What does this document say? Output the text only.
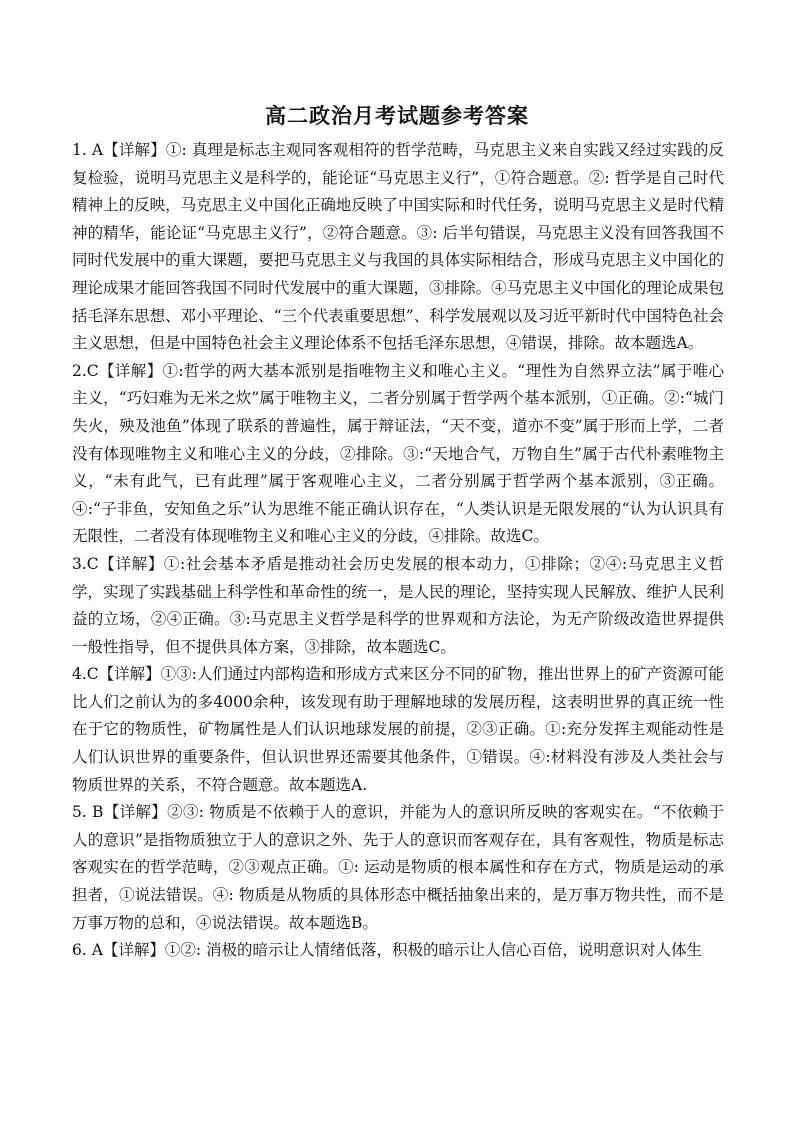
高二政治月考试题参考答案

1. A【详解】①: 真理是标志主观同客观相符的哲学范畴，马克思主义来自实践又经过实践的反复检验，说明马克思主义是科学的，能论证“马克思主义行”，①符合题意。②: 哲学是自己时代精神上的反映，马克思主义中国化正确地反映了中国实际和时代任务，说明马克思主义是时代精神的精华，能论证“马克思主义行”，②符合题意。③: 后半句错误，马克思主义没有回答我国不同时代发展中的重大课题，要把马克思主义与我国的具体实际相结合，形成马克思主义中国化的理论成果才能回答我国不同时代发展中的重大课题，③排除。④马克思主义中国化的理论成果包括毛泽东思想、邓小平理论、“三个代表重要思想”、科学发展观以及习近平新时代中国特色社会主义思想，但是中国特色社会主义理论体系不包括毛泽东思想，④错误，排除。故本题选A。

2.C【详解】①:哲学的两大基本派别是指唯物主义和唯心主义。“理性为自然界立法”属于唯心主义，“巧妇难为无米之炊”属于唯物主义，二者分别属于哲学两个基本派别，①正确。②:“城门失火，殃及池鱼”体现了联系的普遍性，属于辩证法，“天不变，道亦不变”属于形而上学，二者没有体现唯物主义和唯心主义的分歧，②排除。③:“天地合气，万物自生”属于古代朴素唯物主义，“未有此气，已有此理”属于客观唯心主义，二者分别属于哲学两个基本派别，③正确。④:“子非鱼，安知鱼之乐”认为思维不能正确认识存在，“人类认识是无限发展的“认为认识具有无限性，二者没有体现唯物主义和唯心主义的分歧，④排除。故选C。

3.C【详解】①:社会基本矛盾是推动社会历史发展的根本动力，①排除；②④:马克思主义哲学，实现了实践基础上科学性和革命性的统一，是人民的理论，坚持实现人民解放、维护人民利益的立场，②④正确。③:马克思主义哲学是科学的世界观和方法论，为无产阶级改造世界提供一般性指导，但不提供具体方案，③排除，故本题选C。

4.C【详解】①③:人们通过内部构造和形成方式来区分不同的矿物，推出世界上的矿产资源可能比人们之前认为的多4000余种，该发现有助于理解地球的发展历程，这表明世界的真正统一性在于它的物质性，矿物属性是人们认识地球发展的前提，②③正确。①:充分发挥主观能动性是人们认识世界的重要条件，但认识世界还需要其他条件，①错误。④:材料没有涉及人类社会与物质世界的关系，不符合题意。故本题选A.

5. B【详解】②③: 物质是不依赖于人的意识，并能为人的意识所反映的客观实在。“不依赖于人的意识”是指物质独立于人的意识之外、先于人的意识而客观存在，具有客观性，物质是标志客观实在的哲学范畴，②③观点正确。①: 运动是物质的根本属性和存在方式，物质是运动的承担者，①说法错误。④: 物质是从物质的具体形态中概括抽象出来的，是万事万物共性，而不是万事万物的总和，④说法错误。故本题选B。

6. A【详解】①②: 消极的暗示让人情绪低落，积极的暗示让人信心百倍，说明意识对人体生
